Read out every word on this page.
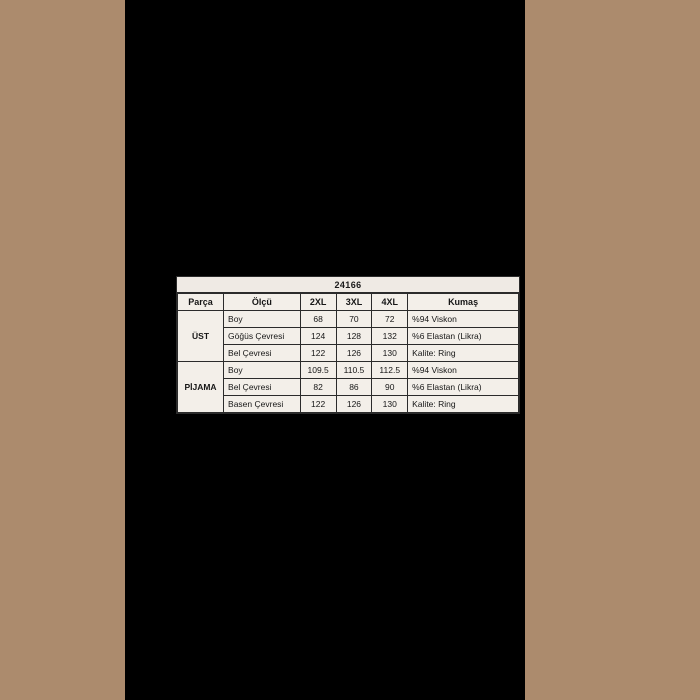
24166
Parça	Ölçü	2XL	3XL	4XL	Kumaş
ÜST	Boy	68	70	72	%94 Viskon
	Göğüs Çevresi	124	128	132	%6 Elastan (Likra)
	Bel Çevresi	122	126	130	Kalite: Ring
PİJAMA	Boy	109.5	110.5	112.5	%94 Viskon
	Bel Çevresi	82	86	90	%6 Elastan (Likra)
	Basen Çevresi	122	126	130	Kalite: Ring
